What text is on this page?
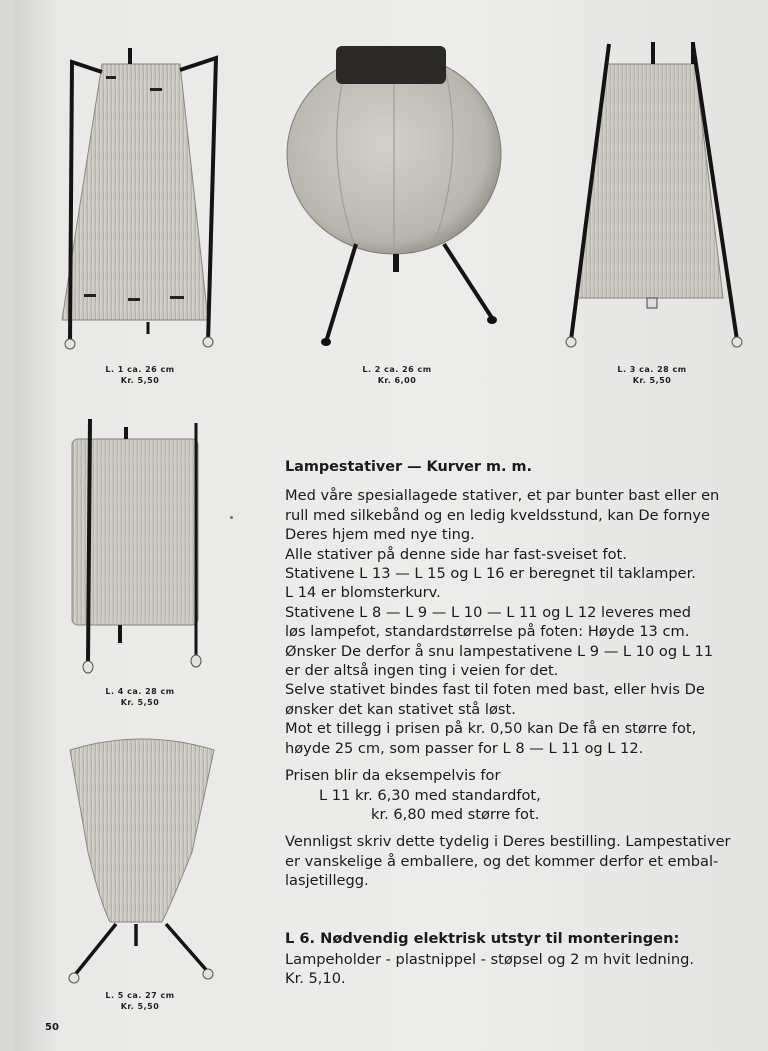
L. 1 ca. 26 cm
Kr. 5,50
L. 2 ca. 26 cm
Kr. 6,00
L. 3 ca. 28 cm
Kr. 5,50
L. 4 ca. 28 cm
Kr. 5,50
L. 5 ca. 27 cm
Kr. 5,50
Lampestativer — Kurver m. m.
Med våre spesiallagede stativer, et par bunter bast eller en
rull med silkebånd og en ledig kveldsstund, kan De fornye
Deres hjem med nye ting.
Alle stativer på denne side har fast-sveiset fot.
Stativene L 13 — L 15 og L 16 er beregnet til taklamper.
L 14 er blomsterkurv.
Stativene L 8 — L 9 — L 10 — L 11 og L 12 leveres med
løs lampefot, standardstørrelse på foten: Høyde 13 cm.
Ønsker De derfor å snu lampestativene L 9 — L 10 og L 11
er der altså ingen ting i veien for det.
Selve stativet bindes fast til foten med bast, eller hvis De
ønsker det kan stativet stå løst.
Mot et tillegg i prisen på kr. 0,50 kan De få en større fot,
høyde 25 cm, som passer for L 8 — L 11 og L 12.
Prisen blir da eksempelvis for
L 11 kr. 6,30 med standardfot,
kr. 6,80 med større fot.
Vennligst skriv dette tydelig i Deres bestilling. Lampestativer
er vanskelige å emballere, og det kommer derfor et embal-
lasjetillegg.
L 6. Nødvendig elektrisk utstyr til monteringen:
Lampeholder - plastnippel - støpsel og 2 m hvit ledning.
Kr. 5,10.
50
